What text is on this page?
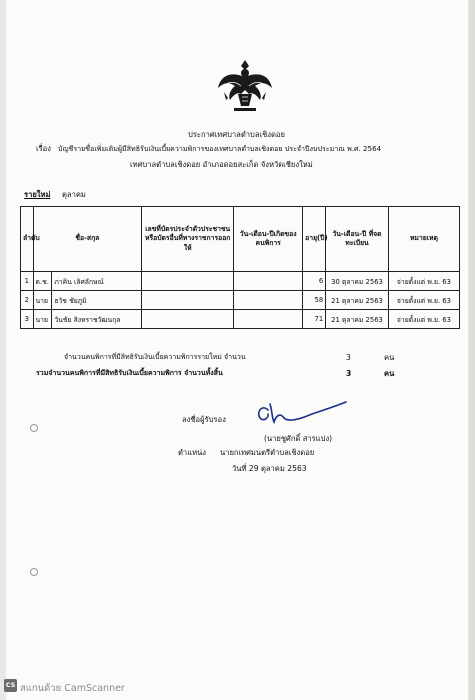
ประกาศเทศบาลตำบลเชิงดอย
เรื่อง บัญชีรายชื่อเพิ่มเติมผู้มีสิทธิรับเงินเบี้ยความพิการของเทศบาลตำบลเชิงดอย ประจำปีงบประมาณ พ.ศ. 2564
เทศบาลตำบลเชิงดอย อำเภอดอยสะเก็ด จังหวัดเชียงใหม่
รายใหม่ ตุลาคม
ลำดับ	ชื่อ-สกุล		เลขที่บัตรประจำตัวประชาชนหรือบัตรอื่นที่ทางราชการออกให้	วัน-เดือน-ปีเกิดของคนพิการ	อายุ(ปี)	วัน-เดือน-ปี ที่จดทะเบียน	หมายเหตุ
1	ด.ช.	ภาคิน เลิศลักษณ์			6	30 ตุลาคม 2563	จ่ายตั้งแต่ พ.ย. 63
2	นาย	ธวัช ชัยภูมิ			58	21 ตุลาคม 2563	จ่ายตั้งแต่ พ.ย. 63
3	นาย	วันชัย สิงหราชวัฒนกุล			71	21 ตุลาคม 2563	จ่ายตั้งแต่ พ.ย. 63
จำนวนคนพิการที่มีสิทธิรับเงินเบี้ยความพิการรายใหม่ จำนวน	3	คน
รวมจำนวนคนพิการที่มีสิทธิรับเงินเบี้ยความพิการ จำนวนทั้งสิ้น	3	คน
ลงชื่อผู้รับรอง
(นายชูศักดิ์ สารแปง)
ตำแหน่ง นายกเทศมนตรีตำบลเชิงดอย
วันที่ 29 ตุลาคม 2563
CS สแกนด้วย CamScanner
